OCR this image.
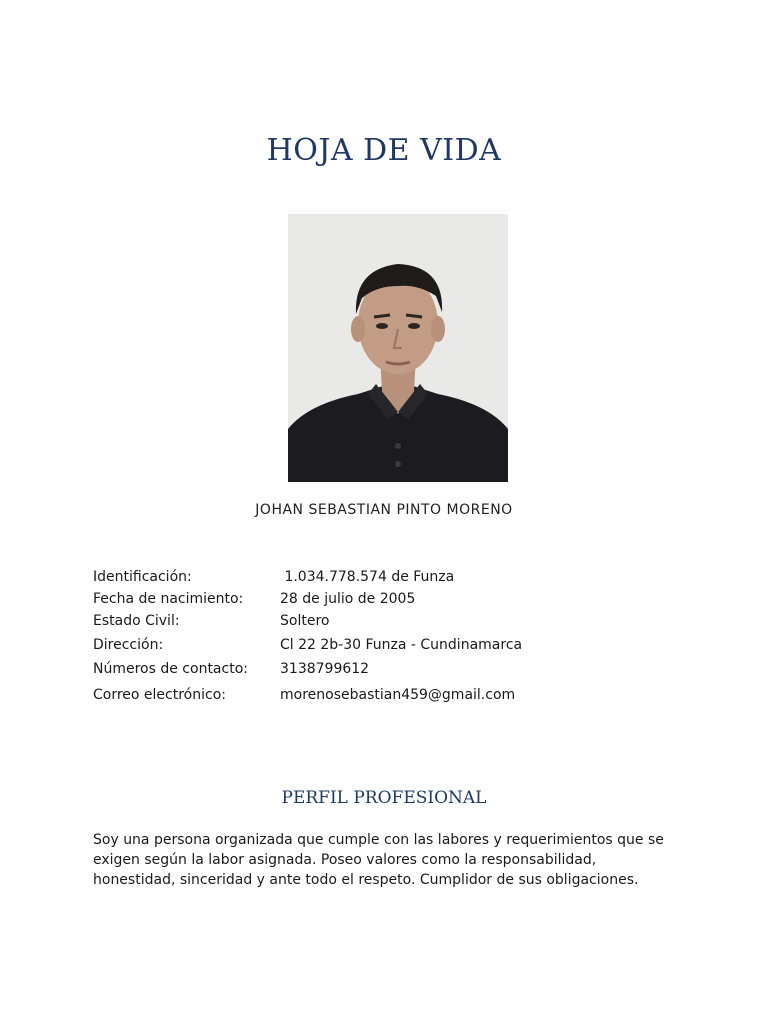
HOJA DE VIDA
JOHAN SEBASTIAN PINTO MORENO
Identificación:	1.034.778.574 de Funza
Fecha de nacimiento:	28 de julio de 2005
Estado Civil:	Soltero
Dirección:	Cl 22 2b-30 Funza - Cundinamarca
Números de contacto: 3138799612
Correo electrónico:	morenosebastian459@gmail.com
PERFIL PROFESIONAL
Soy una persona organizada que cumple con las labores y requerimientos que se exigen según la labor asignada. Poseo valores como la responsabilidad, honestidad, sinceridad y ante todo el respeto. Cumplidor de sus obligaciones.
